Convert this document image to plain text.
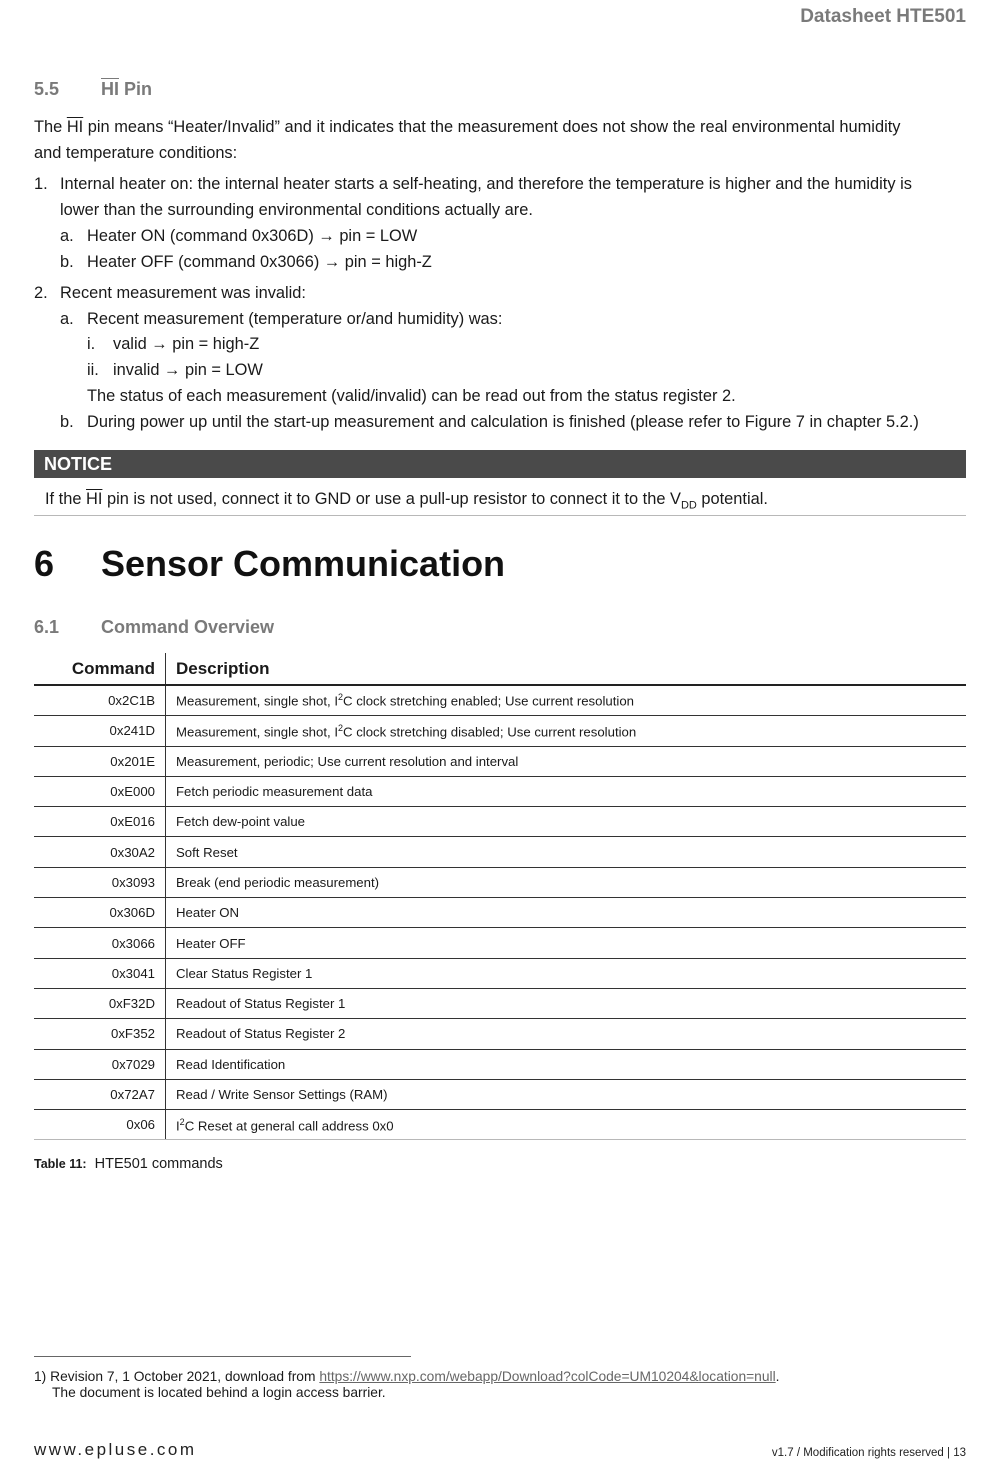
Datasheet HTE501
5.5 $\overline{HI}$ Pin
The $\overline{HI}$ pin means “Heater/Invalid” and it indicates that the measurement does not show the real environmental humidity
and temperature conditions:
1. Internal heater on: the internal heater starts a self-heating, and therefore the temperature is higher and the humidity is
lower than the surrounding environmental conditions actually are.
a. Heater ON (command 0x306D) → pin = LOW
b. Heater OFF (command 0x3066) → pin = high-Z
2. Recent measurement was invalid:
a. Recent measurement (temperature or/and humidity) was:
i. valid → pin = high-Z
ii. invalid → pin = LOW
The status of each measurement (valid/invalid) can be read out from the status register 2.
b. During power up until the start-up measurement and calculation is finished (please refer to Figure 7 in chapter 5.2.)
NOTICE
If the $\overline{HI}$ pin is not used, connect it to GND or use a pull-up resistor to connect it to the $V_{DD}$ potential.
6 Sensor Communication
6.1 Command Overview
Command	Description
0x2C1B	Measurement, single shot, $I^2C$ clock stretching enabled; Use current resolution
0x241D	Measurement, single shot, $I^2C$ clock stretching disabled; Use current resolution
0x201E	Measurement, periodic; Use current resolution and interval
0xE000	Fetch periodic measurement data
0xE016	Fetch dew-point value
0x30A2	Soft Reset
0x3093	Break (end periodic measurement)
0x306D	Heater ON
0x3066	Heater OFF
0x3041	Clear Status Register 1
0xF32D	Readout of Status Register 1
0xF352	Readout of Status Register 2
0x7029	Read Identification
0x72A7	Read / Write Sensor Settings (RAM)
0x06	$I^2C$ Reset at general call address 0x0
Table 11: HTE501 commands
1) Revision 7, 1 October 2021, download from https://www.nxp.com/webapp/Download?colCode=UM10204&location=null.
The document is located behind a login access barrier.
www.epluse.com	v1.7 / Modification rights reserved | 13
